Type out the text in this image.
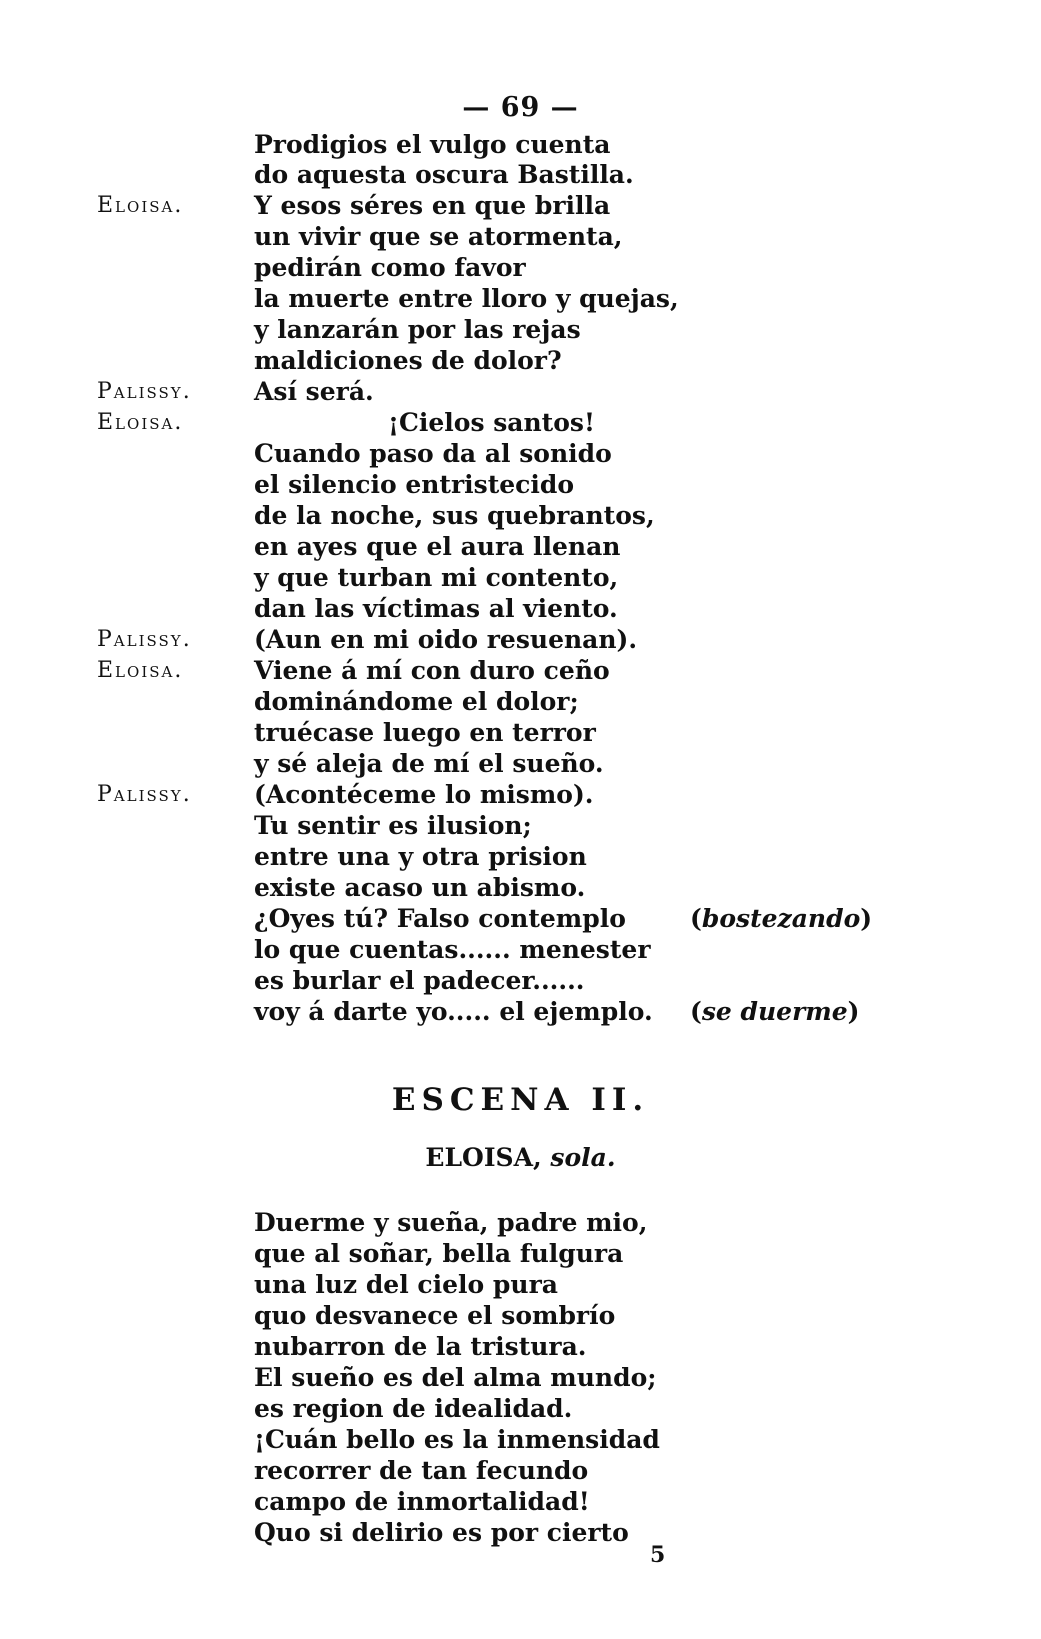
— 69 —
Prodigios el vulgo cuenta
do aquesta oscura Bastilla.
Eloisa.	Y esos séres en que brilla
un vivir que se atormenta,
pedirán como favor
la muerte entre lloro y quejas,
y lanzarán por las rejas
maldiciones de dolor?
Palissy. Así será.
Eloisa.	¡Cielos santos!
Cuando paso da al sonido
el silencio entristecido
de la noche, sus quebrantos,
en ayes que el aura llenan
y que turban mi contento,
dan las víctimas al viento.
Palissy. (Aun en mi oido resuenan).
Eloisa.	Viene á mí con duro ceño
dominándome el dolor;
truécase luego en terror
y sé aleja de mí el sueño.
Palissy. (Acontéceme lo mismo).
Tu sentir es ilusion;
entre una y otra prision
existe acaso un abismo.
¿Oyes tú? Falso contemplo	(bostezando)
lo que cuentas...... menester
es burlar el padecer......
voy á darte yo..... el ejemplo. (se duerme)
ESCENA II.
ELOISA, sola.
Duerme y sueña, padre mio,
que al soñar, bella fulgura
una luz del cielo pura
quo desvanece el sombrío
nubarron de la tristura.
El sueño es del alma mundo;
es region de idealidad.
¡Cuán bello es la inmensidad
recorrer de tan fecundo
campo de inmortalidad!
Quo si delirio es por cierto
5
